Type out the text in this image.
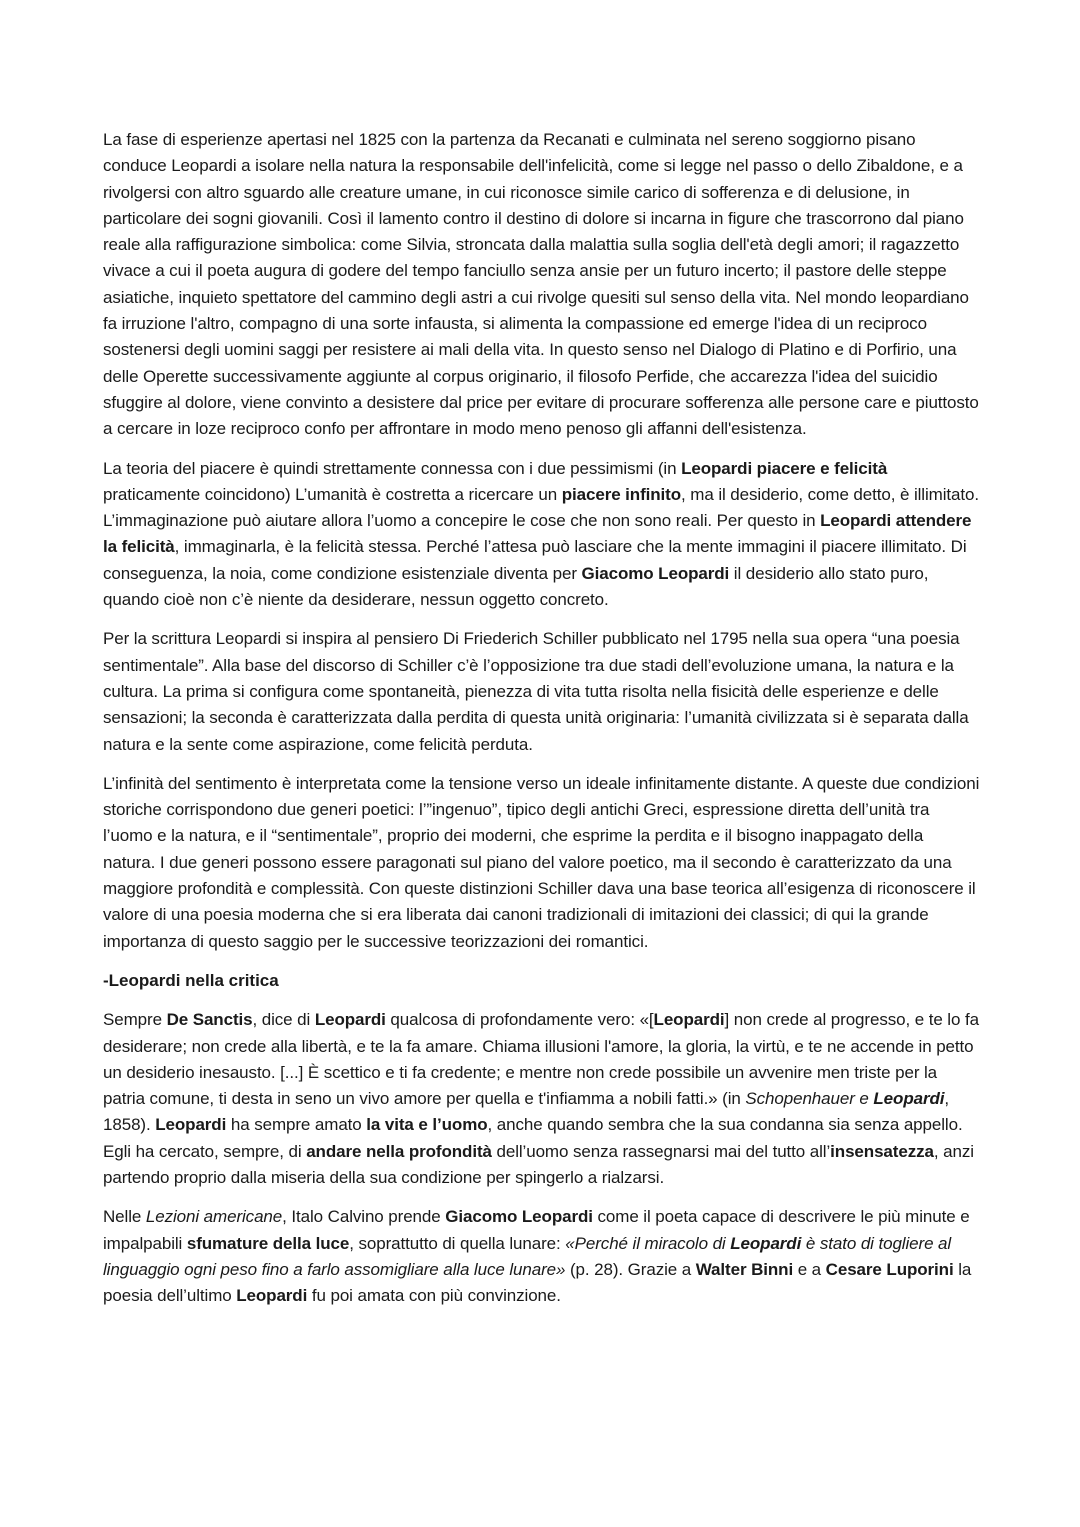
La fase di esperienze apertasi nel 1825 con la partenza da Recanati e culminata nel sereno soggiorno pisano conduce Leopardi a isolare nella natura la responsabile dell'infelicità, come si legge nel passo o dello Zibaldone, e a rivolgersi con altro sguardo alle creature umane, in cui riconosce simile carico di sofferenza e di delusione, in particolare dei sogni giovanili. Così il lamento contro il destino di dolore si incarna in figure che trascorrono dal piano reale alla raffigurazione simbolica: come Silvia, stroncata dalla malattia sulla soglia dell'età degli amori; il ragazzetto vivace a cui il poeta augura di godere del tempo fanciullo senza ansie per un futuro incerto; il pastore delle steppe asiatiche, inquieto spettatore del cammino degli astri a cui rivolge quesiti sul senso della vita. Nel mondo leopardiano fa irruzione l'altro, compagno di una sorte infausta, si alimenta la compassione ed emerge l'idea di un reciproco sostenersi degli uomini saggi per resistere ai mali della vita. In questo senso nel Dialogo di Platino e di Porfirio, una delle Operette successivamente aggiunte al corpus originario, il filosofo Perfide, che accarezza l'idea del suicidio sfuggire al dolore, viene convinto a desistere dal price per evitare di procurare sofferenza alle persone care e piuttosto a cercare in loze reciproco confo per affrontare in modo meno penoso gli affanni dell'esistenza.

La teoria del piacere è quindi strettamente connessa con i due pessimismi (in Leopardi piacere e felicità praticamente coincidono) L’umanità è costretta a ricercare un piacere infinito, ma il desiderio, come detto, è illimitato. L’immaginazione può aiutare allora l’uomo a concepire le cose che non sono reali. Per questo in Leopardi attendere la felicità, immaginarla, è la felicità stessa. Perché l’attesa può lasciare che la mente immagini il piacere illimitato. Di conseguenza, la noia, come condizione esistenziale diventa per Giacomo Leopardi il desiderio allo stato puro, quando cioè non c’è niente da desiderare, nessun oggetto concreto.

Per la scrittura Leopardi si inspira al pensiero Di Friederich Schiller pubblicato nel 1795 nella sua opera “una poesia sentimentale”. Alla base del discorso di Schiller c’è l’opposizione tra due stadi dell’evoluzione umana, la natura e la cultura. La prima si configura come spontaneità, pienezza di vita tutta risolta nella fisicità delle esperienze e delle sensazioni; la seconda è caratterizzata dalla perdita di questa unità originaria: l’umanità civilizzata si è separata dalla natura e la sente come aspirazione, come felicità perduta.

L’infinità del sentimento è interpretata come la tensione verso un ideale infinitamente distante. A queste due condizioni storiche corrispondono due generi poetici: l’”ingenuo”, tipico degli antichi Greci, espressione diretta dell’unità tra l’uomo e la natura, e il “sentimentale”, proprio dei moderni, che esprime la perdita e il bisogno inappagato della natura. I due generi possono essere paragonati sul piano del valore poetico, ma il secondo è caratterizzato da una maggiore profondità e complessità. Con queste distinzioni Schiller dava una base teorica all’esigenza di riconoscere il valore di una poesia moderna che si era liberata dai canoni tradizionali di imitazioni dei classici; di qui la grande importanza di questo saggio per le successive teorizzazioni dei romantici.

-Leopardi nella critica

Sempre De Sanctis, dice di Leopardi qualcosa di profondamente vero: «[Leopardi] non crede al progresso, e te lo fa desiderare; non crede alla libertà, e te la fa amare. Chiama illusioni l'amore, la gloria, la virtù, e te ne accende in petto un desiderio inesausto. [...] È scettico e ti fa credente; e mentre non crede possibile un avvenire men triste per la patria comune, ti desta in seno un vivo amore per quella e t'infiamma a nobili fatti.» (in Schopenhauer e Leopardi, 1858). Leopardi ha sempre amato la vita e l’uomo, anche quando sembra che la sua condanna sia senza appello. Egli ha cercato, sempre, di andare nella profondità dell’uomo senza rassegnarsi mai del tutto all’insensatezza, anzi partendo proprio dalla miseria della sua condizione per spingerlo a rialzarsi.

Nelle Lezioni americane, Italo Calvino prende Giacomo Leopardi come il poeta capace di descrivere le più minute e impalpabili sfumature della luce, soprattutto di quella lunare: «Perché il miracolo di Leopardi è stato di togliere al linguaggio ogni peso fino a farlo assomigliare alla luce lunare» (p. 28). Grazie a Walter Binni e a Cesare Luporini la poesia dell’ultimo Leopardi fu poi amata con più convinzione.
